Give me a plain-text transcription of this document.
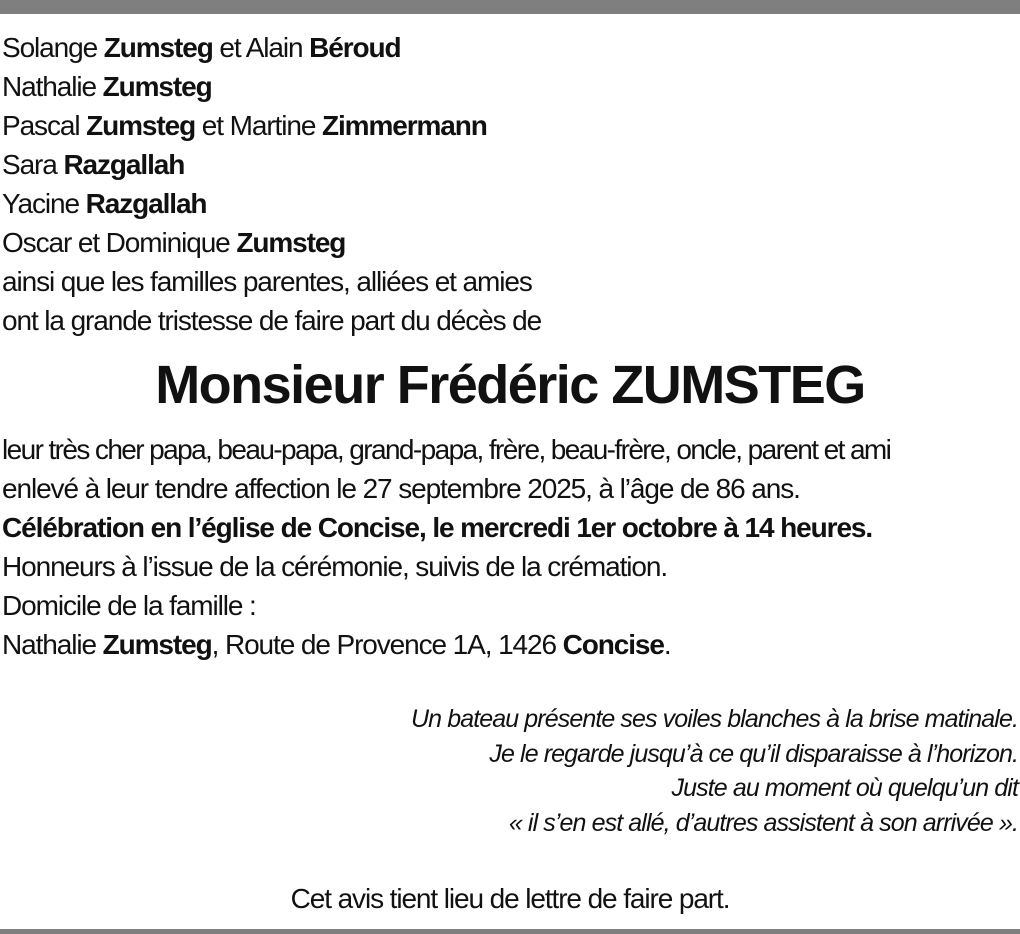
Solange Zumsteg et Alain Béroud
Nathalie Zumsteg
Pascal Zumsteg et Martine Zimmermann
Sara Razgallah
Yacine Razgallah
Oscar et Dominique Zumsteg
ainsi que les familles parentes, alliées et amies
ont la grande tristesse de faire part du décès de
Monsieur Frédéric ZUMSTEG
leur très cher papa, beau-papa, grand-papa, frère, beau-frère, oncle, parent et ami
enlevé à leur tendre affection le 27 septembre 2025, à l’âge de 86 ans.
Célébration en l’église de Concise, le mercredi 1er octobre à 14 heures.
Honneurs à l’issue de la cérémonie, suivis de la crémation.
Domicile de la famille :
Nathalie Zumsteg, Route de Provence 1A, 1426 Concise.
Un bateau présente ses voiles blanches à la brise matinale.
Je le regarde jusqu’à ce qu’il disparaisse à l’horizon.
Juste au moment où quelqu’un dit
« il s’en est allé, d’autres assistent à son arrivée ».
Cet avis tient lieu de lettre de faire part.
